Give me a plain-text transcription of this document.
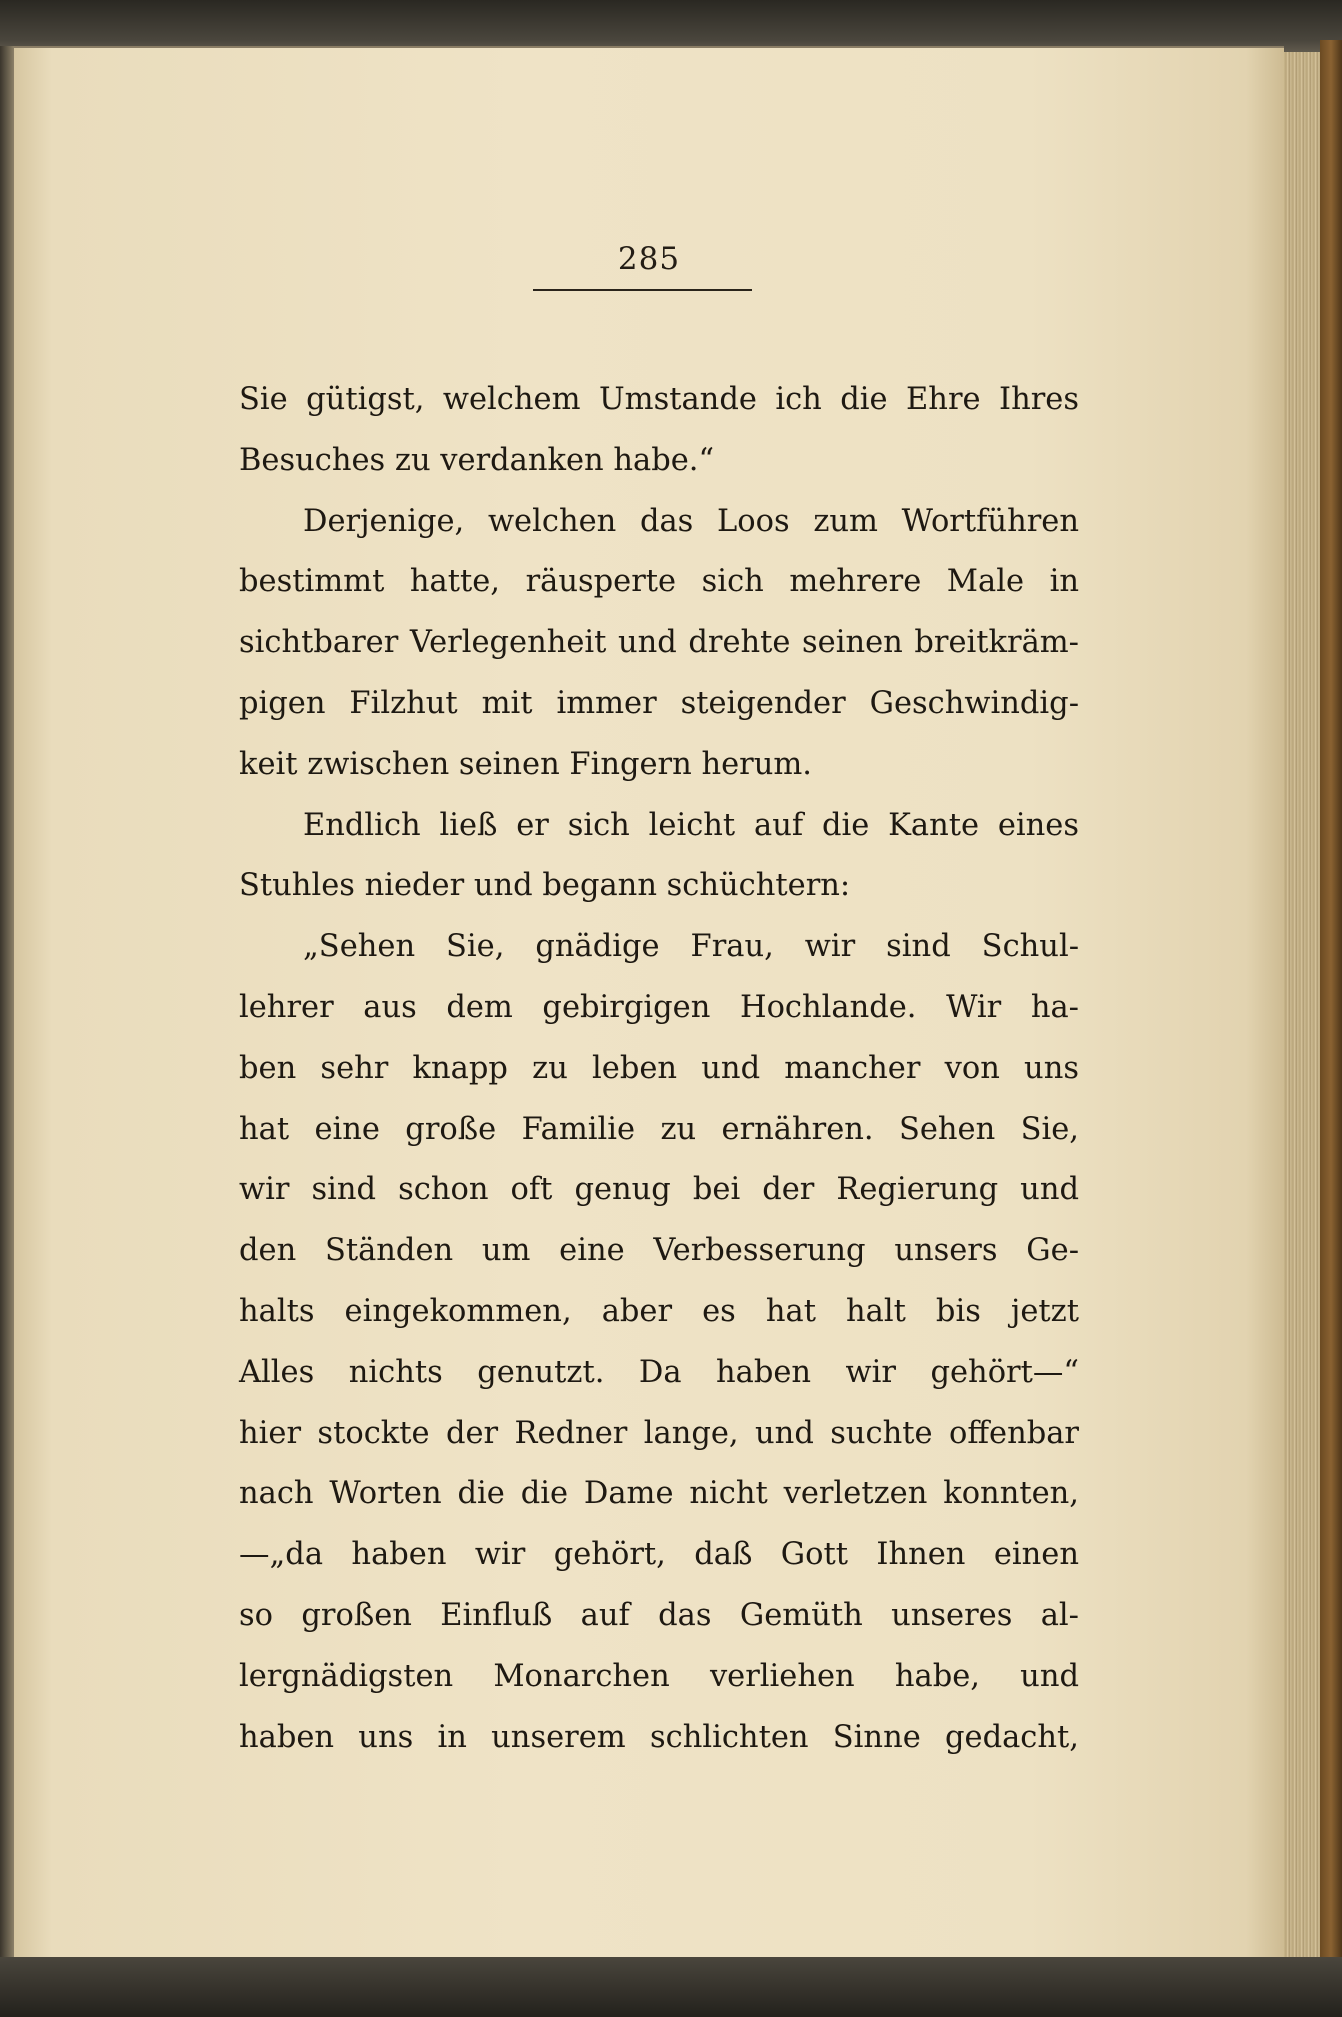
285
Sie gütigst, welchem Umstande ich die Ehre Ihres
Besuches zu verdanken habe.“
Derjenige, welchen das Loos zum Wortführen
bestimmt hatte, räusperte sich mehrere Male in
sichtbarer Verlegenheit und drehte seinen breitkräm-
pigen Filzhut mit immer steigender Geschwindig-
keit zwischen seinen Fingern herum.
Endlich ließ er sich leicht auf die Kante eines
Stuhles nieder und begann schüchtern:
„Sehen Sie, gnädige Frau, wir sind Schul-
lehrer aus dem gebirgigen Hochlande. Wir ha-
ben sehr knapp zu leben und mancher von uns
hat eine große Familie zu ernähren. Sehen Sie,
wir sind schon oft genug bei der Regierung und
den Ständen um eine Verbesserung unsers Ge-
halts eingekommen, aber es hat halt bis jetzt
Alles nichts genutzt. Da haben wir gehört—“
hier stockte der Redner lange, und suchte offenbar
nach Worten die die Dame nicht verletzen konnten,
—„da haben wir gehört, daß Gott Ihnen einen
so großen Einfluß auf das Gemüth unseres al-
lergnädigsten Monarchen verliehen habe, und
haben uns in unserem schlichten Sinne gedacht,
